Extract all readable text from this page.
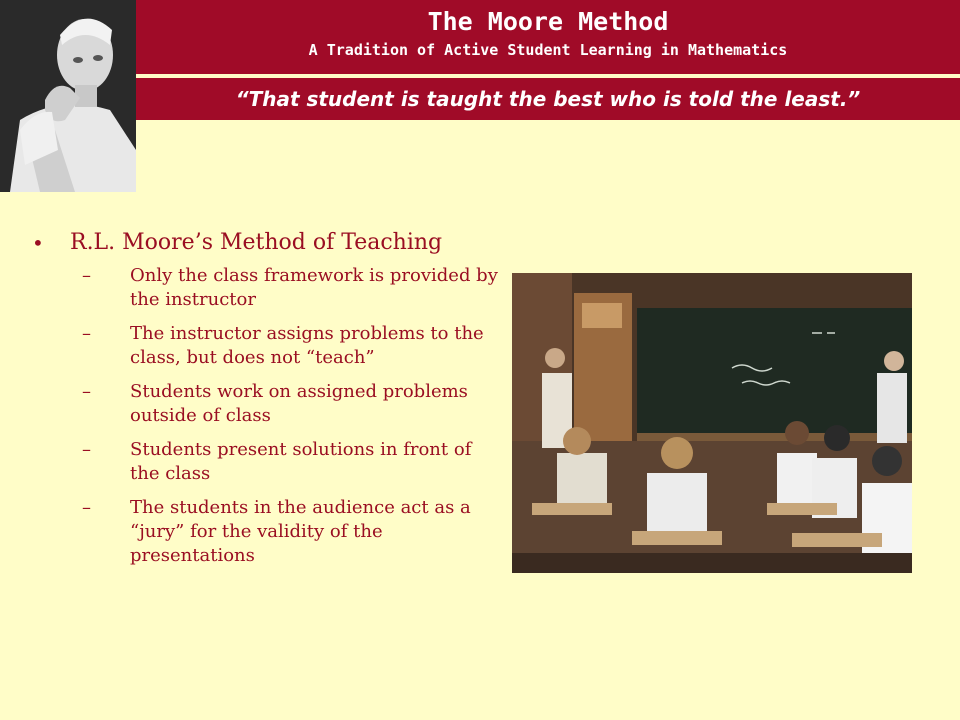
The Moore Method
A Tradition of Active Student Learning in Mathematics
“That student is taught the best who is told the least.”
•	R.L. Moore’s Method of Teaching
–	Only the class framework is provided by the instructor
–	The instructor assigns problems to the class, but does not “teach”
–	Students work on assigned problems outside of class
–	Students present solutions in front of the class
–	The students in the audience act as a “jury” for the validity of the presentations
